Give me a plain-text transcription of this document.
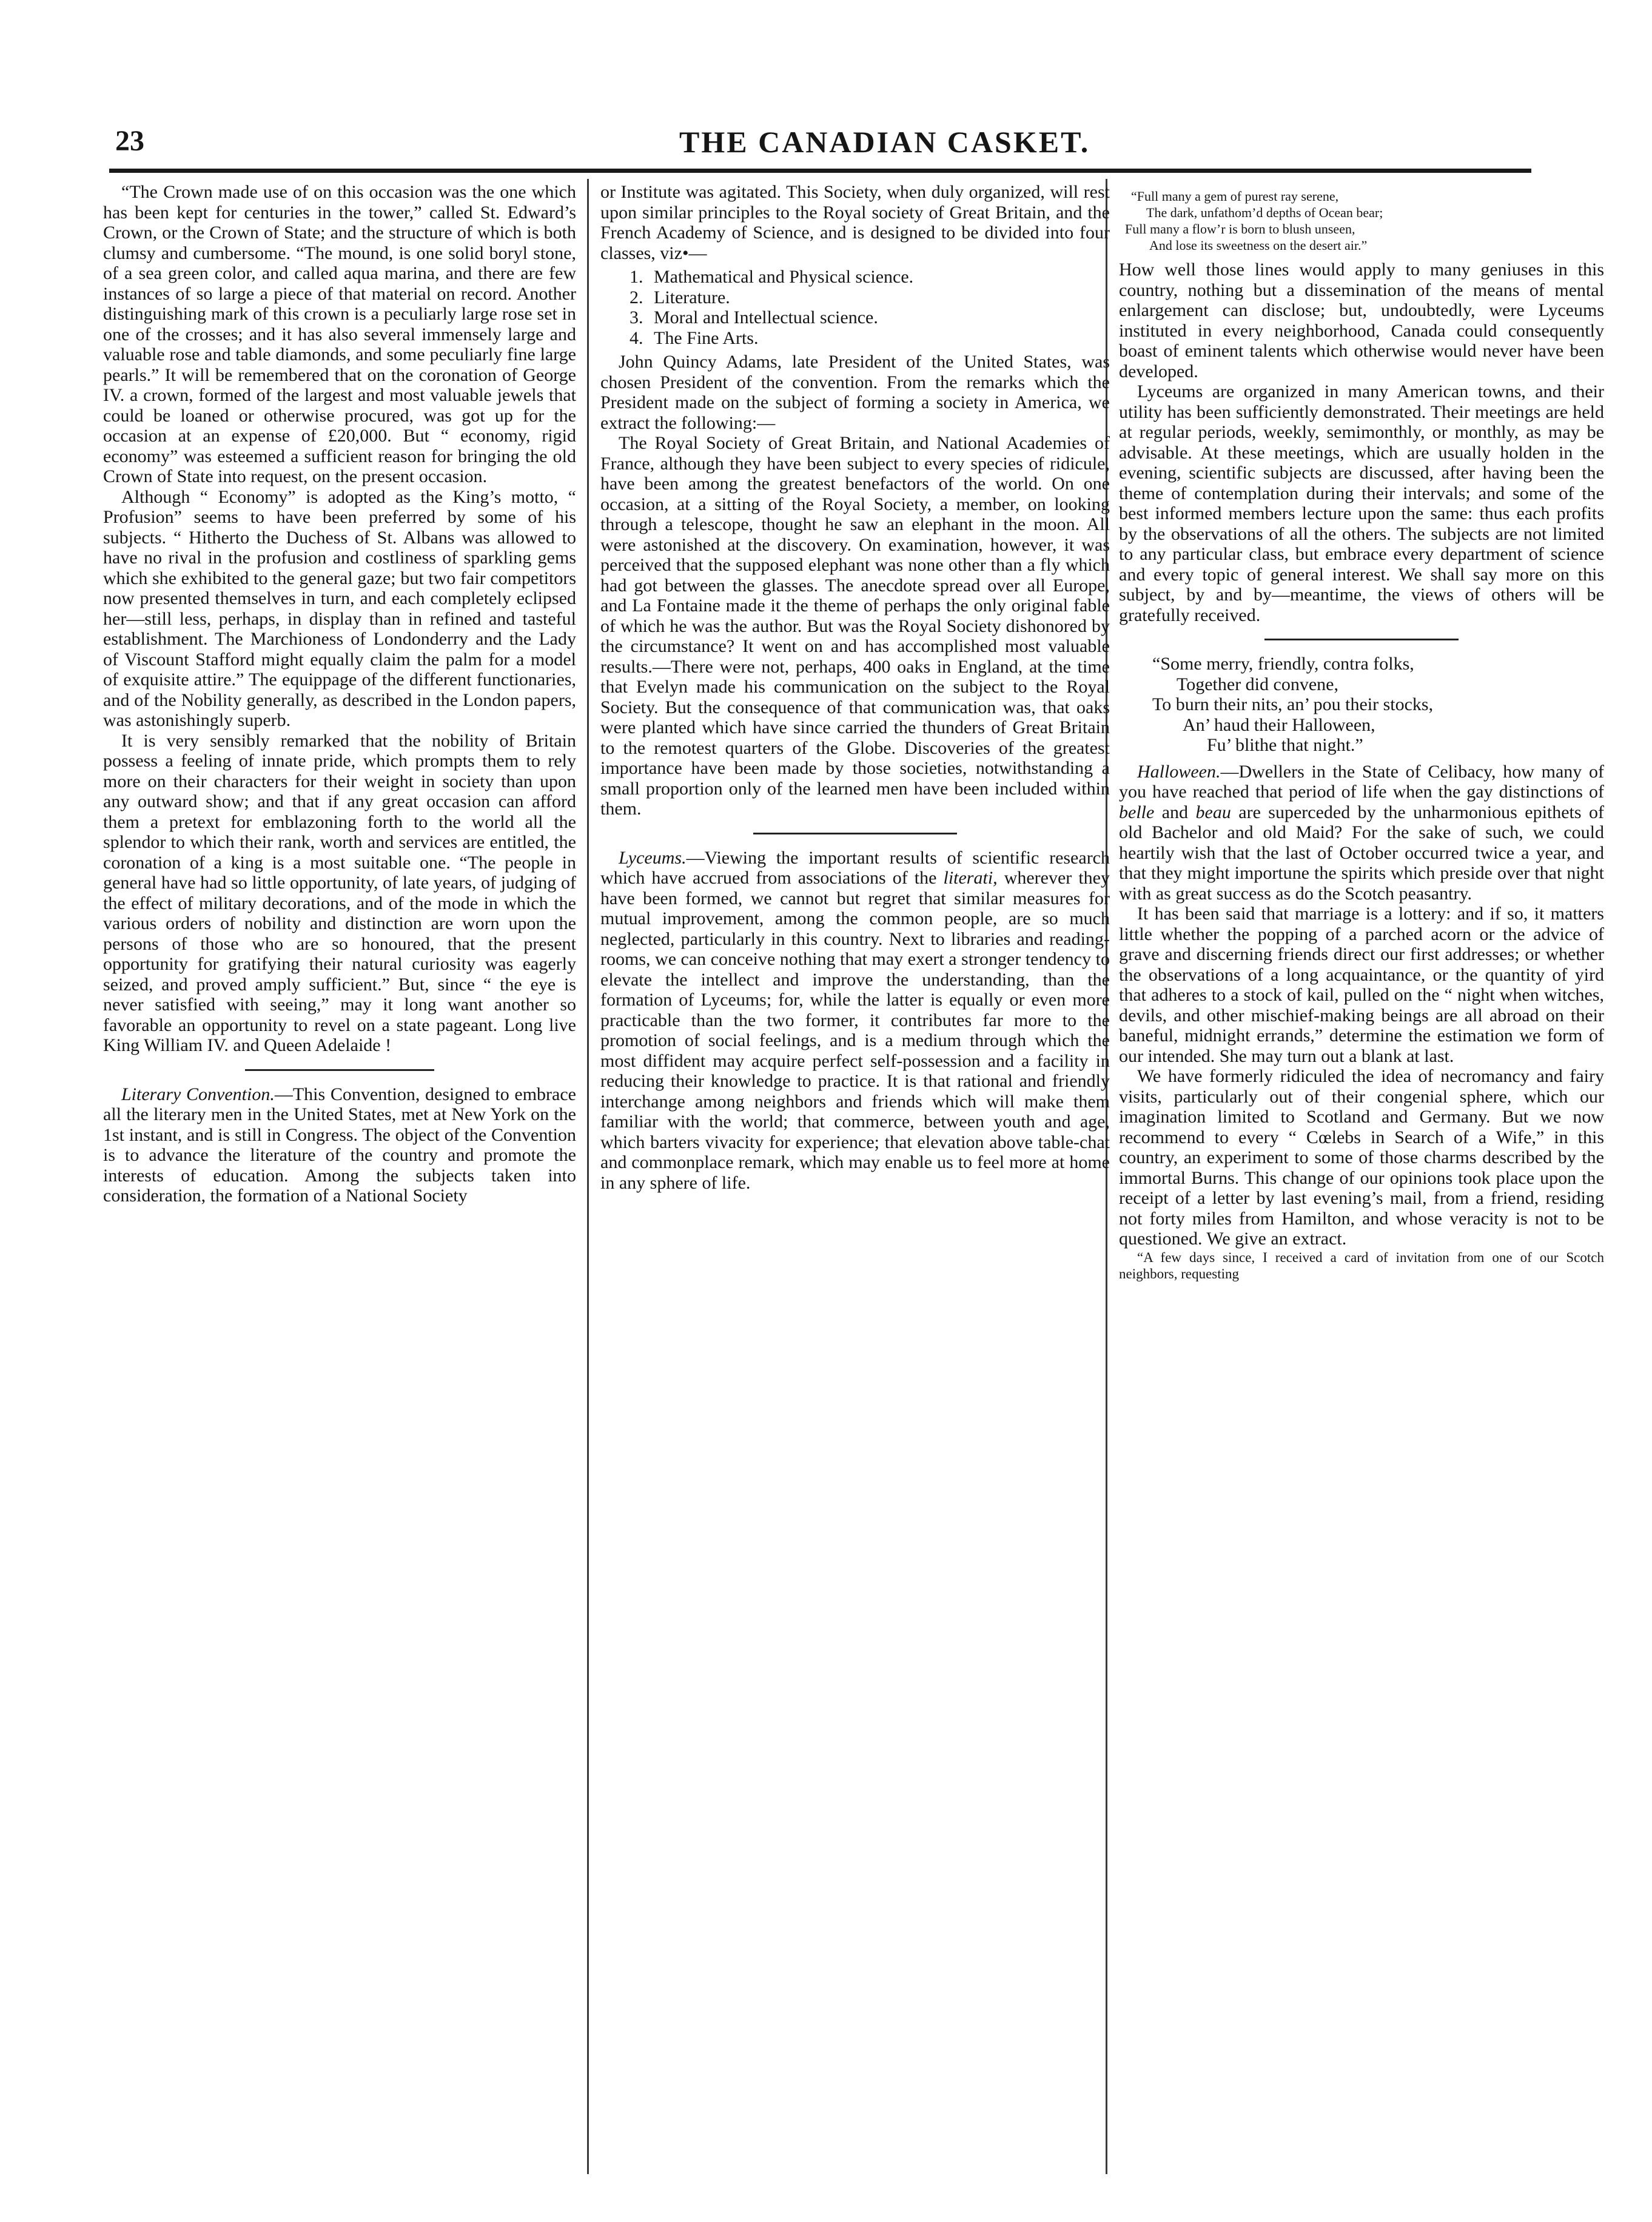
23	THE CANADIAN CASKET.

“The Crown made use of on this occasion was the one which has been kept for centuries in the tower,” called St. Edward’s Crown, or the Crown of State; and the structure of which is both clumsy and cumbersome. “The mound, is one solid boryl stone, of a sea green color, and called aqua marina, and there are few instances of so large a piece of that material on record. Another distinguishing mark of this crown is a peculiarly large rose set in one of the crosses; and it has also several immensely large and valuable rose and table diamonds, and some peculiarly fine large pearls.” It will be remembered that on the coronation of George IV. a crown, formed of the largest and most valuable jewels that could be loaned or otherwise procured, was got up for the occasion at an expense of £20,000. But “ economy, rigid economy” was esteemed a sufficient reason for bringing the old Crown of State into request, on the present occasion.

Although “ Economy” is adopted as the King’s motto, “ Profusion” seems to have been preferred by some of his subjects. “ Hitherto the Duchess of St. Albans was allowed to have no rival in the profusion and costliness of sparkling gems which she exhibited to the general gaze; but two fair competitors now presented themselves in turn, and each completely eclipsed her—still less, perhaps, in display than in refined and tasteful establishment. The Marchioness of Londonderry and the Lady of Viscount Stafford might equally claim the palm for a model of exquisite attire.” The equippage of the different functionaries, and of the Nobility generally, as described in the London papers, was astonishingly superb.

It is very sensibly remarked that the nobility of Britain possess a feeling of innate pride, which prompts them to rely more on their characters for their weight in society than upon any outward show; and that if any great occasion can afford them a pretext for emblazoning forth to the world all the splendor to which their rank, worth and services are entitled, the coronation of a king is a most suitable one. “The people in general have had so little opportunity, of late years, of judging of the effect of military decorations, and of the mode in which the various orders of nobility and distinction are worn upon the persons of those who are so honoured, that the present opportunity for gratifying their natural curiosity was eagerly seized, and proved amply sufficient.” But, since “ the eye is never satisfied with seeing,” may it long want another so favorable an opportunity to revel on a state pageant. Long live King William IV. and Queen Adelaide !

Literary Convention.—This Convention, designed to embrace all the literary men in the United States, met at New York on the 1st instant, and is still in Congress. The object of the Convention is to advance the literature of the country and promote the interests of education. Among the subjects taken into consideration, the formation of a National Society

or Institute was agitated. This Society, when duly organized, will rest upon similar principles to the Royal society of Great Britain, and the French Academy of Science, and is designed to be divided into four classes, viz•—

1. Mathematical and Physical science.
2. Literature.
3. Moral and Intellectual science.
4. The Fine Arts.

John Quincy Adams, late President of the United States, was chosen President of the convention. From the remarks which the President made on the subject of forming a society in America, we extract the following:—

The Royal Society of Great Britain, and National Academies of France, although they have been subject to every species of ridicule, have been among the greatest benefactors of the world. On one occasion, at a sitting of the Royal Society, a member, on looking through a telescope, thought he saw an elephant in the moon. All were astonished at the discovery. On examination, however, it was perceived that the supposed elephant was none other than a fly which had got between the glasses. The anecdote spread over all Europe, and La Fontaine made it the theme of perhaps the only original fable of which he was the author. But was the Royal Society dishonored by the circumstance? It went on and has accomplished most valuable results.—There were not, perhaps, 400 oaks in England, at the time that Evelyn made his communication on the subject to the Royal Society. But the consequence of that communication was, that oaks were planted which have since carried the thunders of Great Britain to the remotest quarters of the Globe. Discoveries of the greatest importance have been made by those societies, notwithstanding a small proportion only of the learned men have been included within them.

Lyceums.—Viewing the important results of scientific research which have accrued from associations of the literati, wherever they have been formed, we cannot but regret that similar measures for mutual improvement, among the common people, are so much neglected, particularly in this country. Next to libraries and reading-rooms, we can conceive nothing that may exert a stronger tendency to elevate the intellect and improve the understanding, than the formation of Lyceums; for, while the latter is equally or even more practicable than the two former, it contributes far more to the promotion of social feelings, and is a medium through which the most diffident may acquire perfect self-possession and a facility in reducing their knowledge to practice. It is that rational and friendly interchange among neighbors and friends which will make them familiar with the world; that commerce, between youth and age, which barters vivacity for experience; that elevation above table-chat and commonplace remark, which may enable us to feel more at home in any sphere of life.

“Full many a gem of purest ray serene,
The dark, unfathom’d depths of Ocean bear;
Full many a flow’r is born to blush unseen,
And lose its sweetness on the desert air.”

How well those lines would apply to many geniuses in this country, nothing but a dissemination of the means of mental enlargement can disclose; but, undoubtedly, were Lyceums instituted in every neighborhood, Canada could consequently boast of eminent talents which otherwise would never have been developed.

Lyceums are organized in many American towns, and their utility has been sufficiently demonstrated. Their meetings are held at regular periods, weekly, semimonthly, or monthly, as may be advisable. At these meetings, which are usually holden in the evening, scientific subjects are discussed, after having been the theme of contemplation during their intervals; and some of the best informed members lecture upon the same: thus each profits by the observations of all the others. The subjects are not limited to any particular class, but embrace every department of science and every topic of general interest. We shall say more on this subject, by and by—meantime, the views of others will be gratefully received.

“Some merry, friendly, contra folks,
Together did convene,
To burn their nits, an’ pou their stocks,
An’ haud their Halloween,
Fu’ blithe that night.”

Halloween.—Dwellers in the State of Celibacy, how many of you have reached that period of life when the gay distinctions of belle and beau are superceded by the unharmonious epithets of old Bachelor and old Maid? For the sake of such, we could heartily wish that the last of October occurred twice a year, and that they might importune the spirits which preside over that night with as great success as do the Scotch peasantry.

It has been said that marriage is a lottery: and if so, it matters little whether the popping of a parched acorn or the advice of grave and discerning friends direct our first addresses; or whether the observations of a long acquaintance, or the quantity of yird that adheres to a stock of kail, pulled on the “ night when witches, devils, and other mischief-making beings are all abroad on their baneful, midnight errands,” determine the estimation we form of our intended. She may turn out a blank at last.

We have formerly ridiculed the idea of necromancy and fairy visits, particularly out of their congenial sphere, which our imagination limited to Scotland and Germany. But we now recommend to every “ Cœlebs in Search of a Wife,” in this country, an experiment to some of those charms described by the immortal Burns. This change of our opinions took place upon the receipt of a letter by last evening’s mail, from a friend, residing not forty miles from Hamilton, and whose veracity is not to be questioned. We give an extract.

“A few days since, I received a card of invitation from one of our Scotch neighbors, requesting
